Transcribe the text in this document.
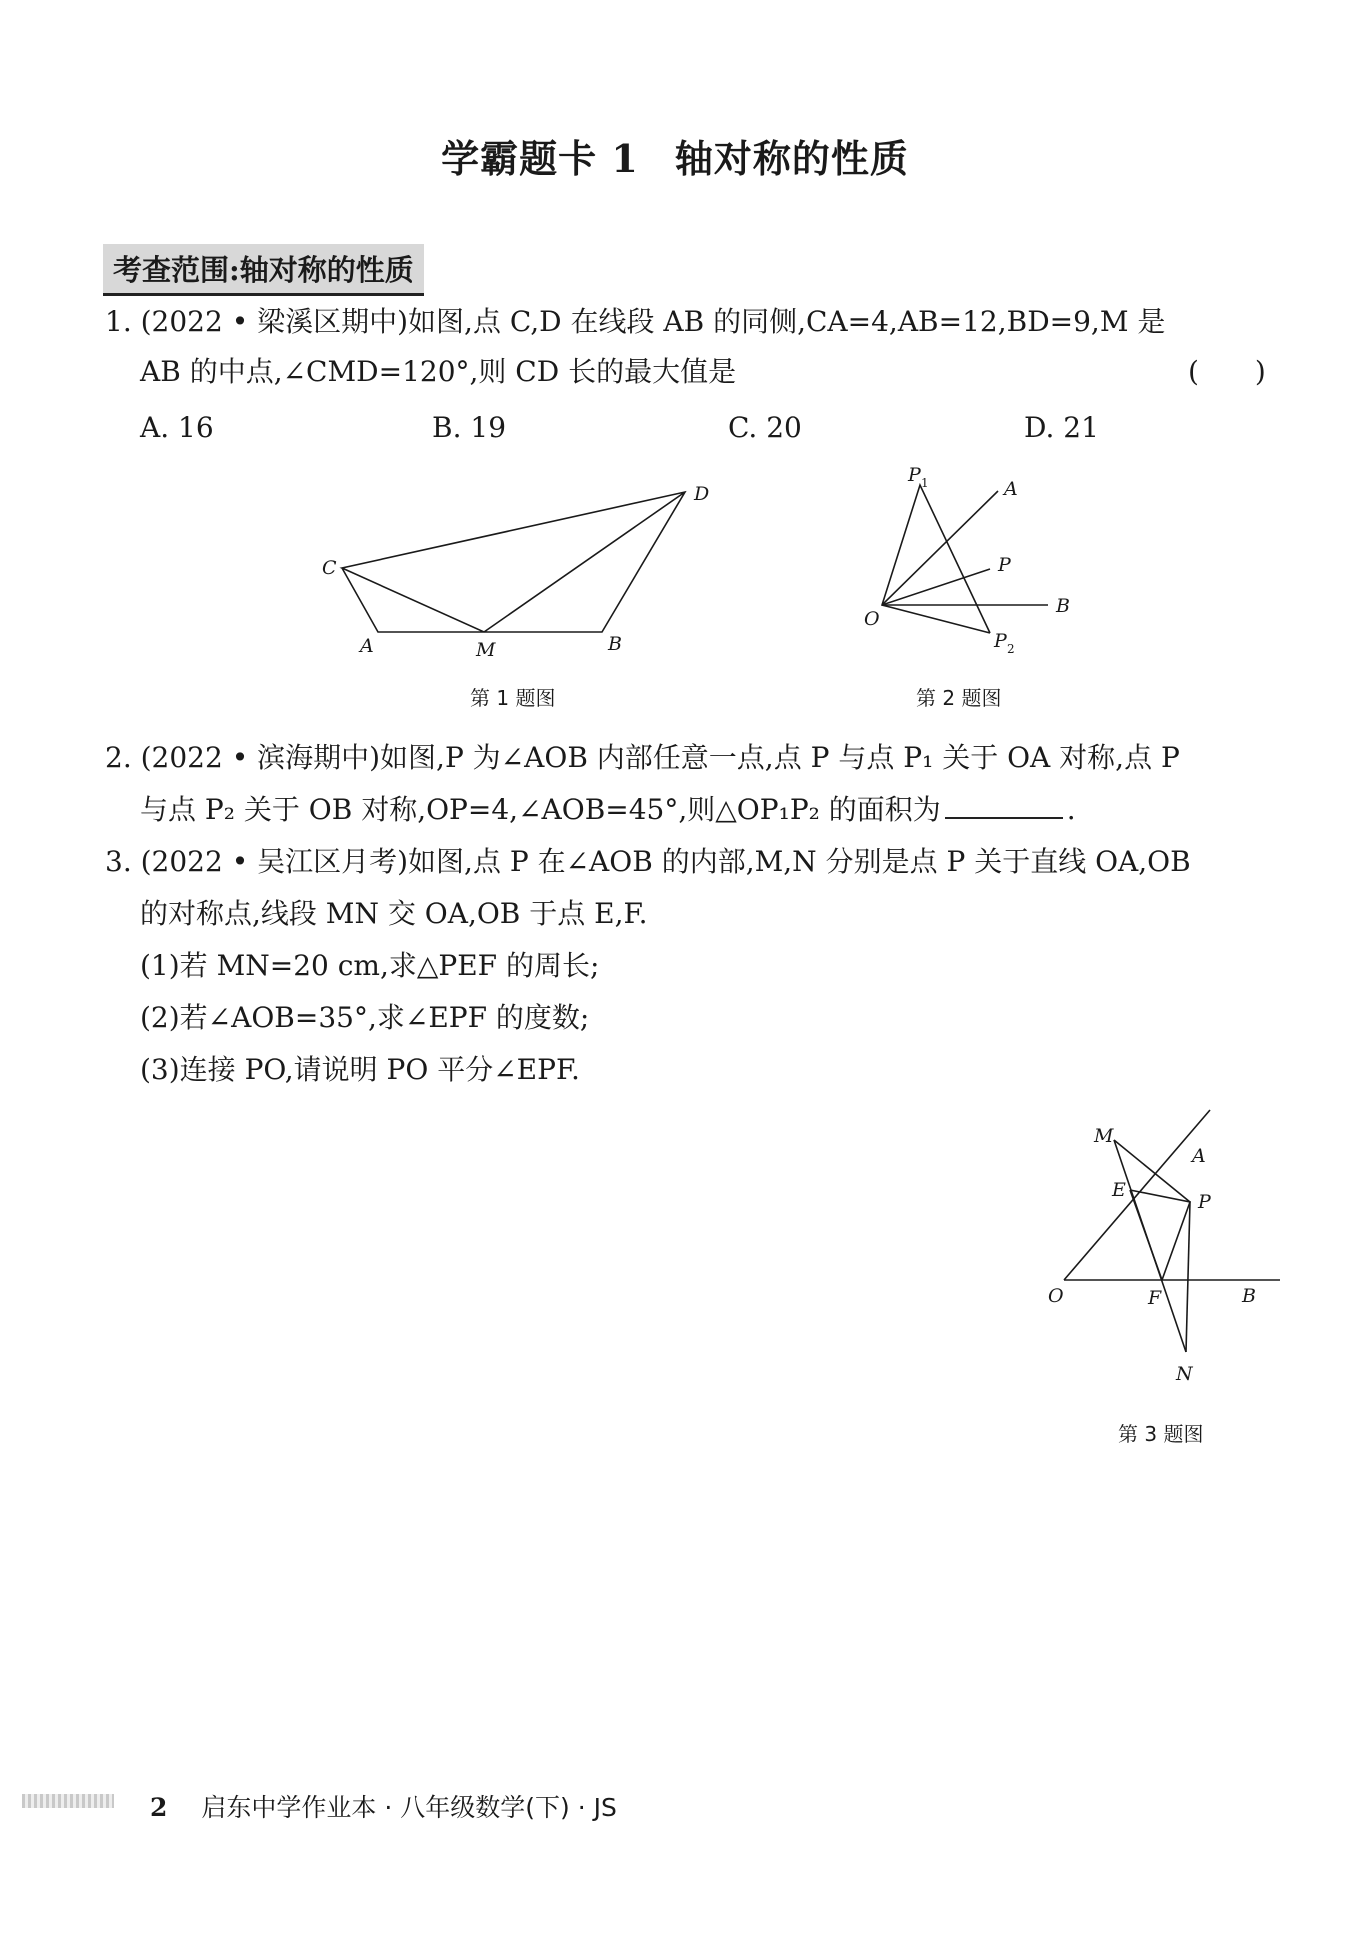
学霸题卡 1 轴对称的性质
考查范围:轴对称的性质
1. (2022 • 梁溪区期中)如图,点 C,D 在线段 AB 的同侧,CA=4,AB=12,BD=9,M 是
AB 的中点,∠CMD=120°,则 CD 长的最大值是	(　　)
A. 16	B. 19	C. 20	D. 21
C
D
A	M	B
第 1 题图
P 1	A
P
B
O
P 2
第 2 题图
2. (2022 • 滨海期中)如图,P 为∠AOB 内部任意一点,点 P 与点 P₁ 关于 OA 对称,点 P
与点 P₂ 关于 OB 对称,OP=4,∠AOB=45°,则△OP₁P₂ 的面积为	.
3. (2022 • 吴江区月考)如图,点 P 在∠AOB 的内部,M,N 分别是点 P 关于直线 OA,OB
的对称点,线段 MN 交 OA,OB 于点 E,F.
(1)若 MN=20 cm,求△PEF 的周长;
(2)若∠AOB=35°,求∠EPF 的度数;
(3)连接 PO,请说明 PO 平分∠EPF.
M
A
E
P
O	F	B
N
第 3 题图
2 启东中学作业本 · 八年级数学(下) · JS
